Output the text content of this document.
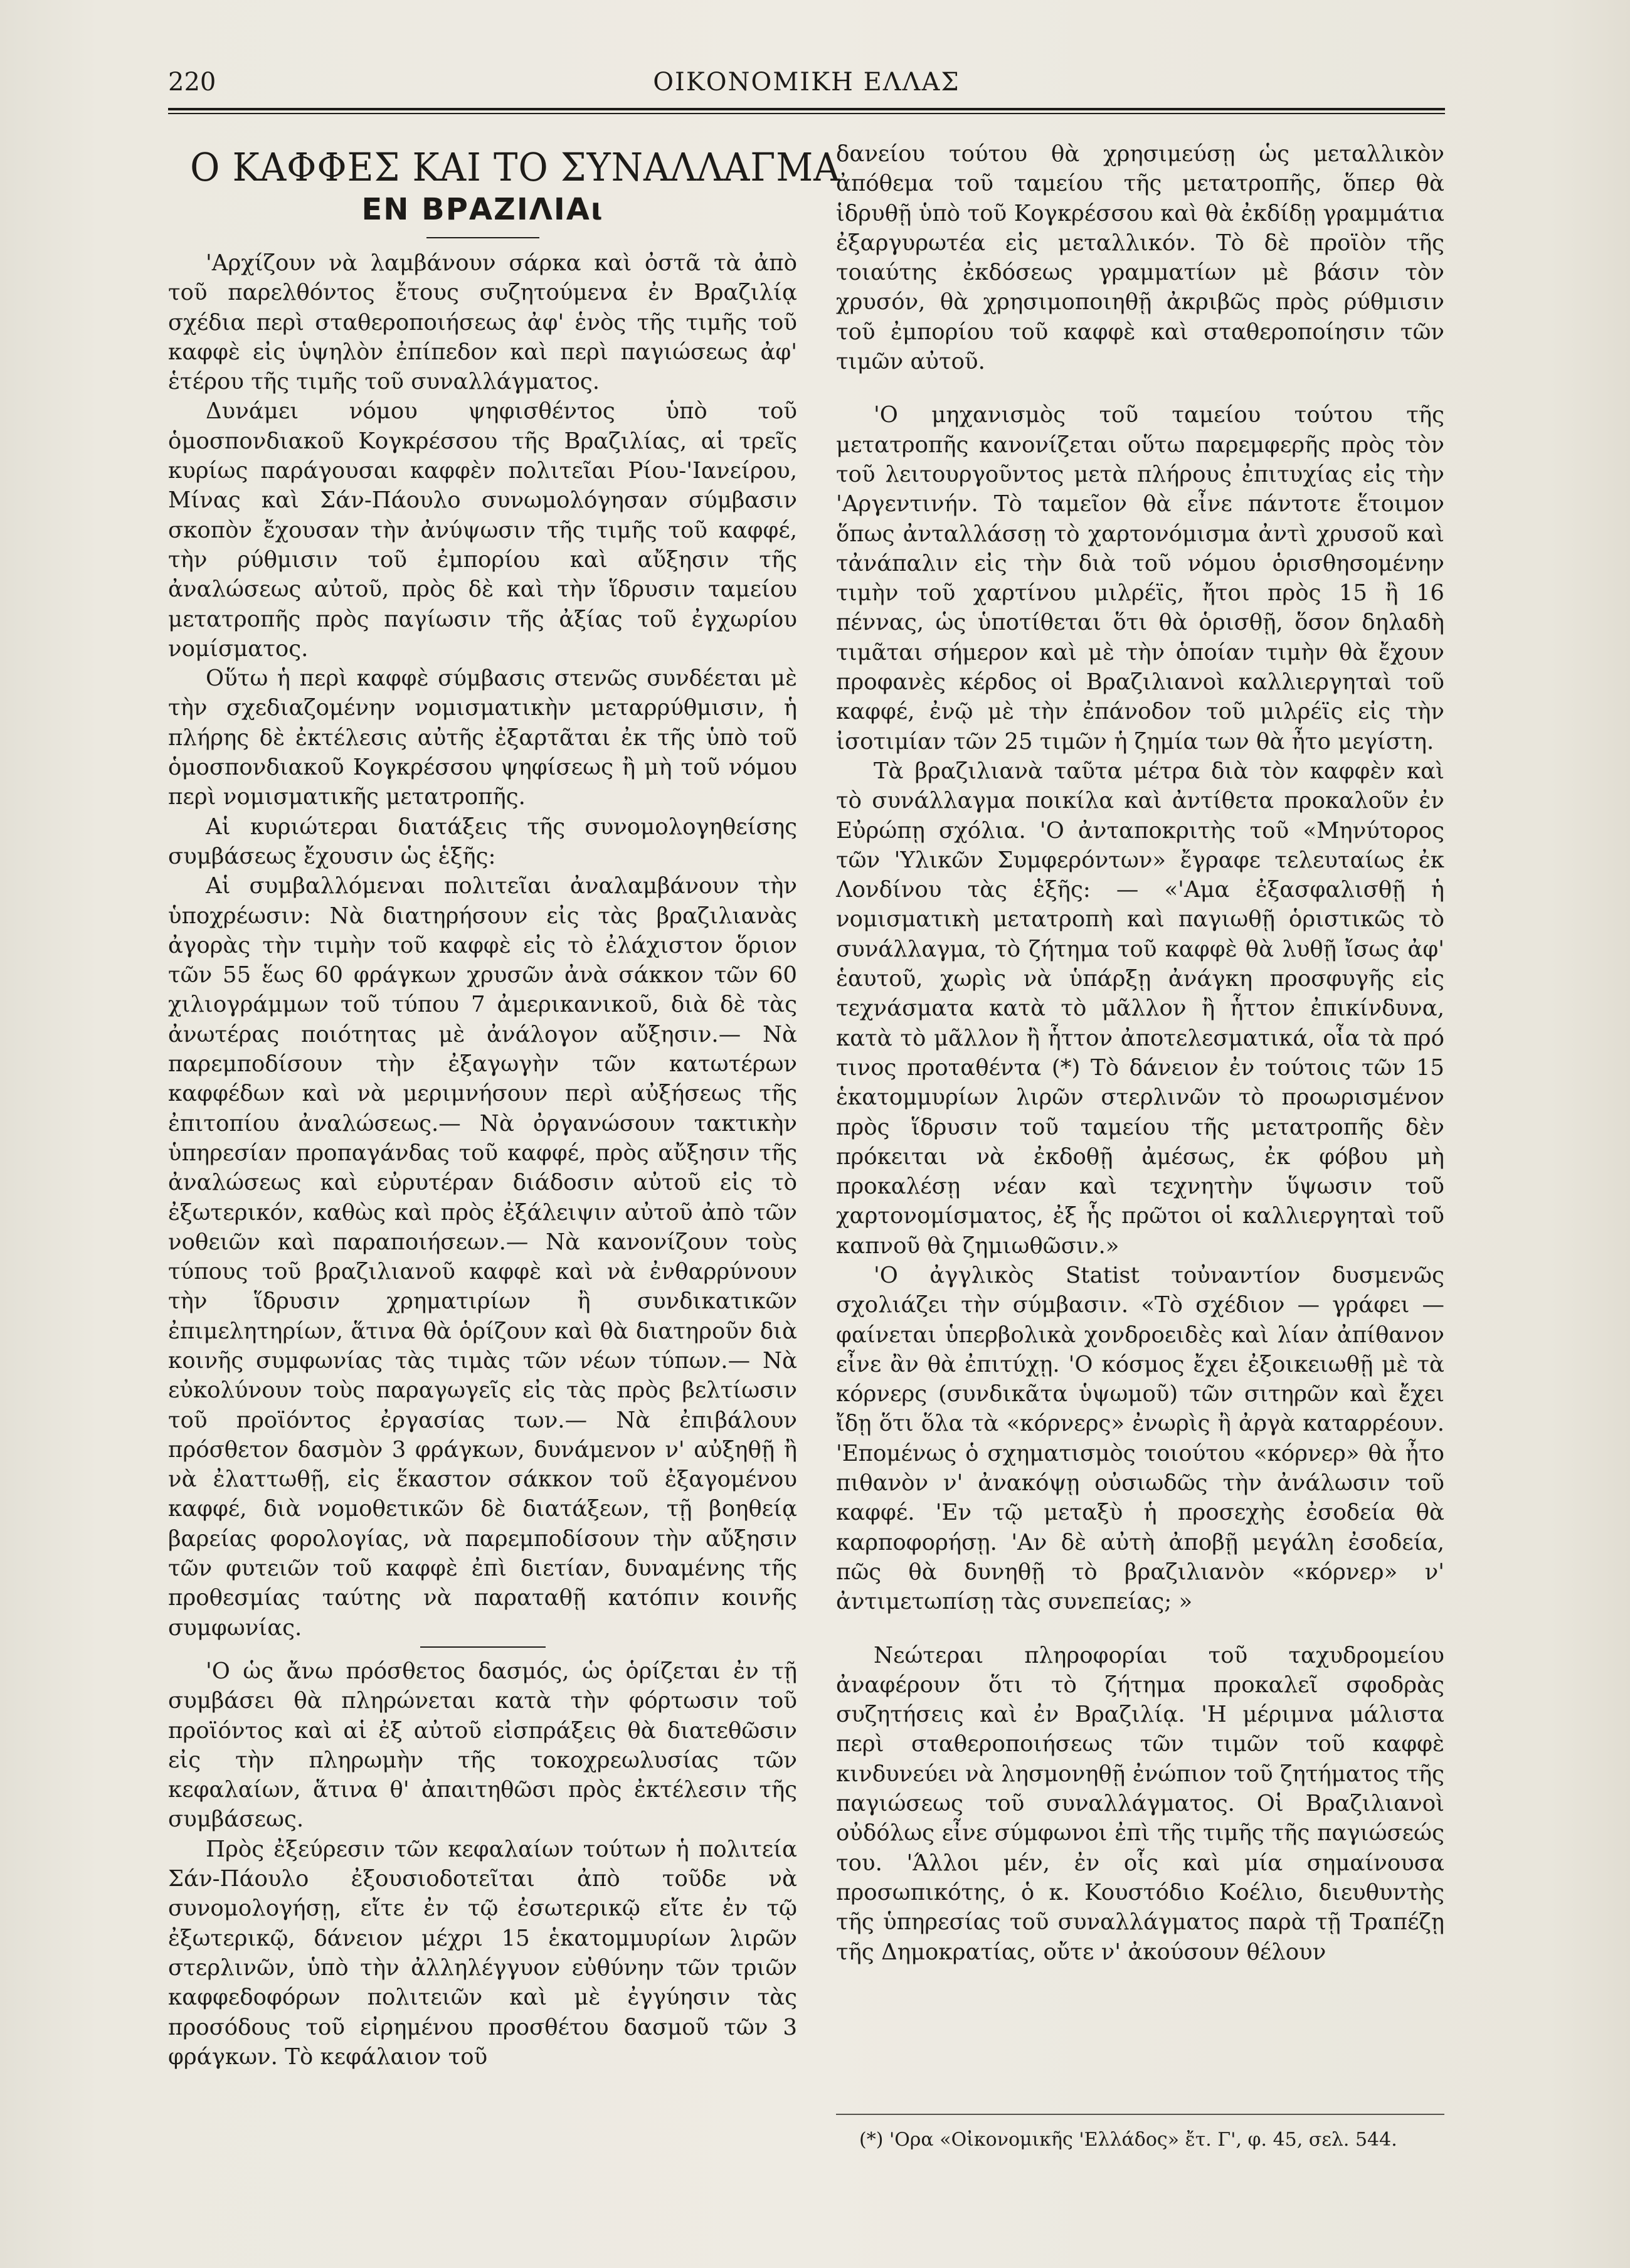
220	ΟΙΚΟΝΟΜΙΚΗ ΕΛΛΑΣ
Ο ΚΑΦΦΕΣ ΚΑΙ ΤΟ ΣΥΝΑΛΛΑΓΜΑ
ΕΝ ΒΡΑΖΙΛΙΑι

'Αρχίζουν νὰ λαμβάνουν σάρκα καὶ ὀστᾶ τὰ ἀπὸ τοῦ παρελθόντος ἔτους συζητούμενα ἐν Βραζιλίᾳ σχέδια περὶ σταθεροποιήσεως ἀφ' ἑνὸς τῆς τιμῆς τοῦ καφφὲ εἰς ὑψηλὸν ἐπίπεδον καὶ περὶ παγιώσεως ἀφ' ἑτέρου τῆς τιμῆς τοῦ συναλλάγματος.

Δυνάμει νόμου ψηφισθέντος ὑπὸ τοῦ ὁμοσπονδιακοῦ Κογκρέσσου τῆς Βραζιλίας, αἱ τρεῖς κυρίως παράγουσαι καφφὲν πολιτεῖαι Ρίου-'Ιανείρου, Μίνας καὶ Σάν-Πάουλο συνωμολόγησαν σύμβασιν σκοπὸν ἔχουσαν τὴν ἀνύψωσιν τῆς τιμῆς τοῦ καφφέ, τὴν ρύθμισιν τοῦ ἐμπορίου καὶ αὔξησιν τῆς ἀναλώσεως αὐτοῦ, πρὸς δὲ καὶ τὴν ἵδρυσιν ταμείου μετατροπῆς πρὸς παγίωσιν τῆς ἀξίας τοῦ ἐγχωρίου νομίσματος.

Οὕτω ἡ περὶ καφφὲ σύμβασις στενῶς συνδέεται μὲ τὴν σχεδιαζομένην νομισματικὴν μεταρρύθμισιν, ἡ πλήρης δὲ ἐκτέλεσις αὐτῆς ἐξαρτᾶται ἐκ τῆς ὑπὸ τοῦ ὁμοσπονδιακοῦ Κογκρέσσου ψηφίσεως ἢ μὴ τοῦ νόμου περὶ νομισματικῆς μετατροπῆς.

Αἱ κυριώτεραι διατάξεις τῆς συνομολογηθείσης συμβάσεως ἔχουσιν ὡς ἑξῆς:

Αἱ συμβαλλόμεναι πολιτεῖαι ἀναλαμβάνουν τὴν ὑποχρέωσιν: Νὰ διατηρήσουν εἰς τὰς βραζιλιανὰς ἀγορὰς τὴν τιμὴν τοῦ καφφὲ εἰς τὸ ἐλάχιστον ὅριον τῶν 55 ἕως 60 φράγκων χρυσῶν ἀνὰ σάκκον τῶν 60 χιλιογράμμων τοῦ τύπου 7 ἀμερικανικοῦ, διὰ δὲ τὰς ἀνωτέρας ποιότητας μὲ ἀνάλογον αὔξησιν.— Νὰ παρεμποδίσουν τὴν ἐξαγωγὴν τῶν κατωτέρων καφφέδων καὶ νὰ μεριμνήσουν περὶ αὐξήσεως τῆς ἐπιτοπίου ἀναλώσεως.— Νὰ ὀργανώσουν τακτικὴν ὑπηρεσίαν προπαγάνδας τοῦ καφφέ, πρὸς αὔξησιν τῆς ἀναλώσεως καὶ εὐρυτέραν διάδοσιν αὐτοῦ εἰς τὸ ἐξωτερικόν, καθὼς καὶ πρὸς ἐξάλειψιν αὐτοῦ ἀπὸ τῶν νοθειῶν καὶ παραποιήσεων.— Νὰ κανονίζουν τοὺς τύπους τοῦ βραζιλιανοῦ καφφὲ καὶ νὰ ἐνθαρρύνουν τὴν ἵδρυσιν χρηματιρίων ἢ συνδικατικῶν ἐπιμελητηρίων, ἅτινα θὰ ὁρίζουν καὶ θὰ διατηροῦν διὰ κοινῆς συμφωνίας τὰς τιμὰς τῶν νέων τύπων.— Νὰ εὐκολύνουν τοὺς παραγωγεῖς εἰς τὰς πρὸς βελτίωσιν τοῦ προϊόντος ἐργασίας των.— Νὰ ἐπιβάλουν πρόσθετον δασμὸν 3 φράγκων, δυνάμενον ν' αὐξηθῇ ἢ νὰ ἐλαττωθῇ, εἰς ἕκαστον σάκκον τοῦ ἐξαγομένου καφφέ, διὰ νομοθετικῶν δὲ διατάξεων, τῇ βοηθείᾳ βαρείας φορολογίας, νὰ παρεμποδίσουν τὴν αὔξησιν τῶν φυτειῶν τοῦ καφφὲ ἐπὶ διετίαν, δυναμένης τῆς προθεσμίας ταύτης νὰ παραταθῇ κατόπιν κοινῆς συμφωνίας.

'Ο ὡς ἄνω πρόσθετος δασμός, ὡς ὁρίζεται ἐν τῇ συμβάσει θὰ πληρώνεται κατὰ τὴν φόρτωσιν τοῦ προϊόντος καὶ αἱ ἐξ αὐτοῦ εἰσπράξεις θὰ διατεθῶσιν εἰς τὴν πληρωμὴν τῆς τοκοχρεωλυσίας τῶν κεφαλαίων, ἅτινα θ' ἀπαιτηθῶσι πρὸς ἐκτέλεσιν τῆς συμβάσεως.

Πρὸς ἐξεύρεσιν τῶν κεφαλαίων τούτων ἡ πολιτεία Σάν-Πάουλο ἐξουσιοδοτεῖται ἀπὸ τοῦδε νὰ συνομολογήσῃ, εἴτε ἐν τῷ ἐσωτερικῷ εἴτε ἐν τῷ ἐξωτερικῷ, δάνειον μέχρι 15 ἑκατομμυρίων λιρῶν στερλινῶν, ὑπὸ τὴν ἀλληλέγγυον εὐθύνην τῶν τριῶν καφφεδοφόρων πολιτειῶν καὶ μὲ ἐγγύησιν τὰς προσόδους τοῦ εἰρημένου προσθέτου δασμοῦ τῶν 3 φράγκων. Τὸ κεφάλαιον τοῦ

δανείου τούτου θὰ χρησιμεύσῃ ὡς μεταλλικὸν ἀπόθεμα τοῦ ταμείου τῆς μετατροπῆς, ὅπερ θὰ ἱδρυθῇ ὑπὸ τοῦ Κογκρέσσου καὶ θὰ ἐκδίδῃ γραμμάτια ἐξαργυρωτέα εἰς μεταλλικόν. Τὸ δὲ προϊὸν τῆς τοιαύτης ἐκδόσεως γραμματίων μὲ βάσιν τὸν χρυσόν, θὰ χρησιμοποιηθῇ ἀκριβῶς πρὸς ρύθμισιν τοῦ ἐμπορίου τοῦ καφφὲ καὶ σταθεροποίησιν τῶν τιμῶν αὐτοῦ.

'Ο μηχανισμὸς τοῦ ταμείου τούτου τῆς μετατροπῆς κανονίζεται οὕτω παρεμφερῆς πρὸς τὸν τοῦ λειτουργοῦντος μετὰ πλήρους ἐπιτυχίας εἰς τὴν 'Αργεντινήν. Τὸ ταμεῖον θὰ εἶνε πάντοτε ἕτοιμον ὅπως ἀνταλλάσσῃ τὸ χαρτονόμισμα ἀντὶ χρυσοῦ καὶ τἀνάπαλιν εἰς τὴν διὰ τοῦ νόμου ὁρισθησομένην τιμὴν τοῦ χαρτίνου μιλρέϊς, ἤτοι πρὸς 15 ἢ 16 πέννας, ὡς ὑποτίθεται ὅτι θὰ ὁρισθῇ, ὅσον δηλαδὴ τιμᾶται σήμερον καὶ μὲ τὴν ὁποίαν τιμὴν θὰ ἔχουν προφανὲς κέρδος οἱ Βραζιλιανοὶ καλλιεργηταὶ τοῦ καφφέ, ἐνῷ μὲ τὴν ἐπάνοδον τοῦ μιλρέϊς εἰς τὴν ἰσοτιμίαν τῶν 25 τιμῶν ἡ ζημία των θὰ ἦτο μεγίστη.

Τὰ βραζιλιανὰ ταῦτα μέτρα διὰ τὸν καφφὲν καὶ τὸ συνάλλαγμα ποικίλα καὶ ἀντίθετα προκαλοῦν ἐν Εὐρώπῃ σχόλια. 'Ο ἀνταποκριτὴς τοῦ «Μηνύτορος τῶν 'Υλικῶν Συμφερόντων» ἔγραφε τελευταίως ἐκ Λονδίνου τὰς ἑξῆς: — «'Αμα ἐξασφαλισθῇ ἡ νομισματικὴ μετατροπὴ καὶ παγιωθῇ ὁριστικῶς τὸ συνάλλαγμα, τὸ ζήτημα τοῦ καφφὲ θὰ λυθῇ ἴσως ἀφ' ἑαυτοῦ, χωρὶς νὰ ὑπάρξῃ ἀνάγκη προσφυγῆς εἰς τεχνάσματα κατὰ τὸ μᾶλλον ἢ ἧττον ἐπικίνδυνα, κατὰ τὸ μᾶλλον ἢ ἧττον ἀποτελεσματικά, οἷα τὰ πρό τινος προταθέντα (*) Τὸ δάνειον ἐν τούτοις τῶν 15 ἑκατομμυρίων λιρῶν στερλινῶν τὸ προωρισμένον πρὸς ἵδρυσιν τοῦ ταμείου τῆς μετατροπῆς δὲν πρόκειται νὰ ἐκδοθῇ ἀμέσως, ἐκ φόβου μὴ προκαλέσῃ νέαν καὶ τεχνητὴν ὕψωσιν τοῦ χαρτονομίσματος, ἐξ ἧς πρῶτοι οἱ καλλιεργηταὶ τοῦ καπνοῦ θὰ ζημιωθῶσιν.»

'Ο ἀγγλικὸς Statist τοὐναντίον δυσμενῶς σχολιάζει τὴν σύμβασιν. «Τὸ σχέδιον — γράφει — φαίνεται ὑπερβολικὰ χονδροειδὲς καὶ λίαν ἀπίθανον εἶνε ἂν θὰ ἐπιτύχῃ. 'Ο κόσμος ἔχει ἐξοικειωθῇ μὲ τὰ κόρνερς (συνδικᾶτα ὑψωμοῦ) τῶν σιτηρῶν καὶ ἔχει ἴδῃ ὅτι ὅλα τὰ «κόρνερς» ἐνωρὶς ἢ ἀργὰ καταρρέουν. 'Επομένως ὁ σχηματισμὸς τοιούτου «κόρνερ» θὰ ἦτο πιθανὸν ν' ἀνακόψῃ οὐσιωδῶς τὴν ἀνάλωσιν τοῦ καφφέ. 'Εν τῷ μεταξὺ ἡ προσεχὴς ἐσοδεία θὰ καρποφορήσῃ. 'Αν δὲ αὐτὴ ἀποβῇ μεγάλη ἐσοδεία, πῶς θὰ δυνηθῇ τὸ βραζιλιανὸν «κόρνερ» ν' ἀντιμετωπίσῃ τὰς συνεπείας; »

Νεώτεραι πληροφορίαι τοῦ ταχυδρομείου ἀναφέρουν ὅτι τὸ ζήτημα προκαλεῖ σφοδρὰς συζητήσεις καὶ ἐν Βραζιλίᾳ. 'Η μέριμνα μάλιστα περὶ σταθεροποιήσεως τῶν τιμῶν τοῦ καφφὲ κινδυνεύει νὰ λησμονηθῇ ἐνώπιον τοῦ ζητήματος τῆς παγιώσεως τοῦ συναλλάγματος. Οἱ Βραζιλιανοὶ οὐδόλως εἶνε σύμφωνοι ἐπὶ τῆς τιμῆς τῆς παγιώσεώς του. 'Άλλοι μέν, ἐν οἷς καὶ μία σημαίνουσα προσωπικότης, ὁ κ. Κουστόδιο Κοέλιο, διευθυντὴς τῆς ὑπηρεσίας τοῦ συναλλάγματος παρὰ τῇ Τραπέζῃ τῆς Δημοκρατίας, οὔτε ν' ἀκούσουν θέλουν

(*) 'Ορα «Οἰκονομικῆς 'Ελλάδος» ἔτ. Γ', φ. 45, σελ. 544.
